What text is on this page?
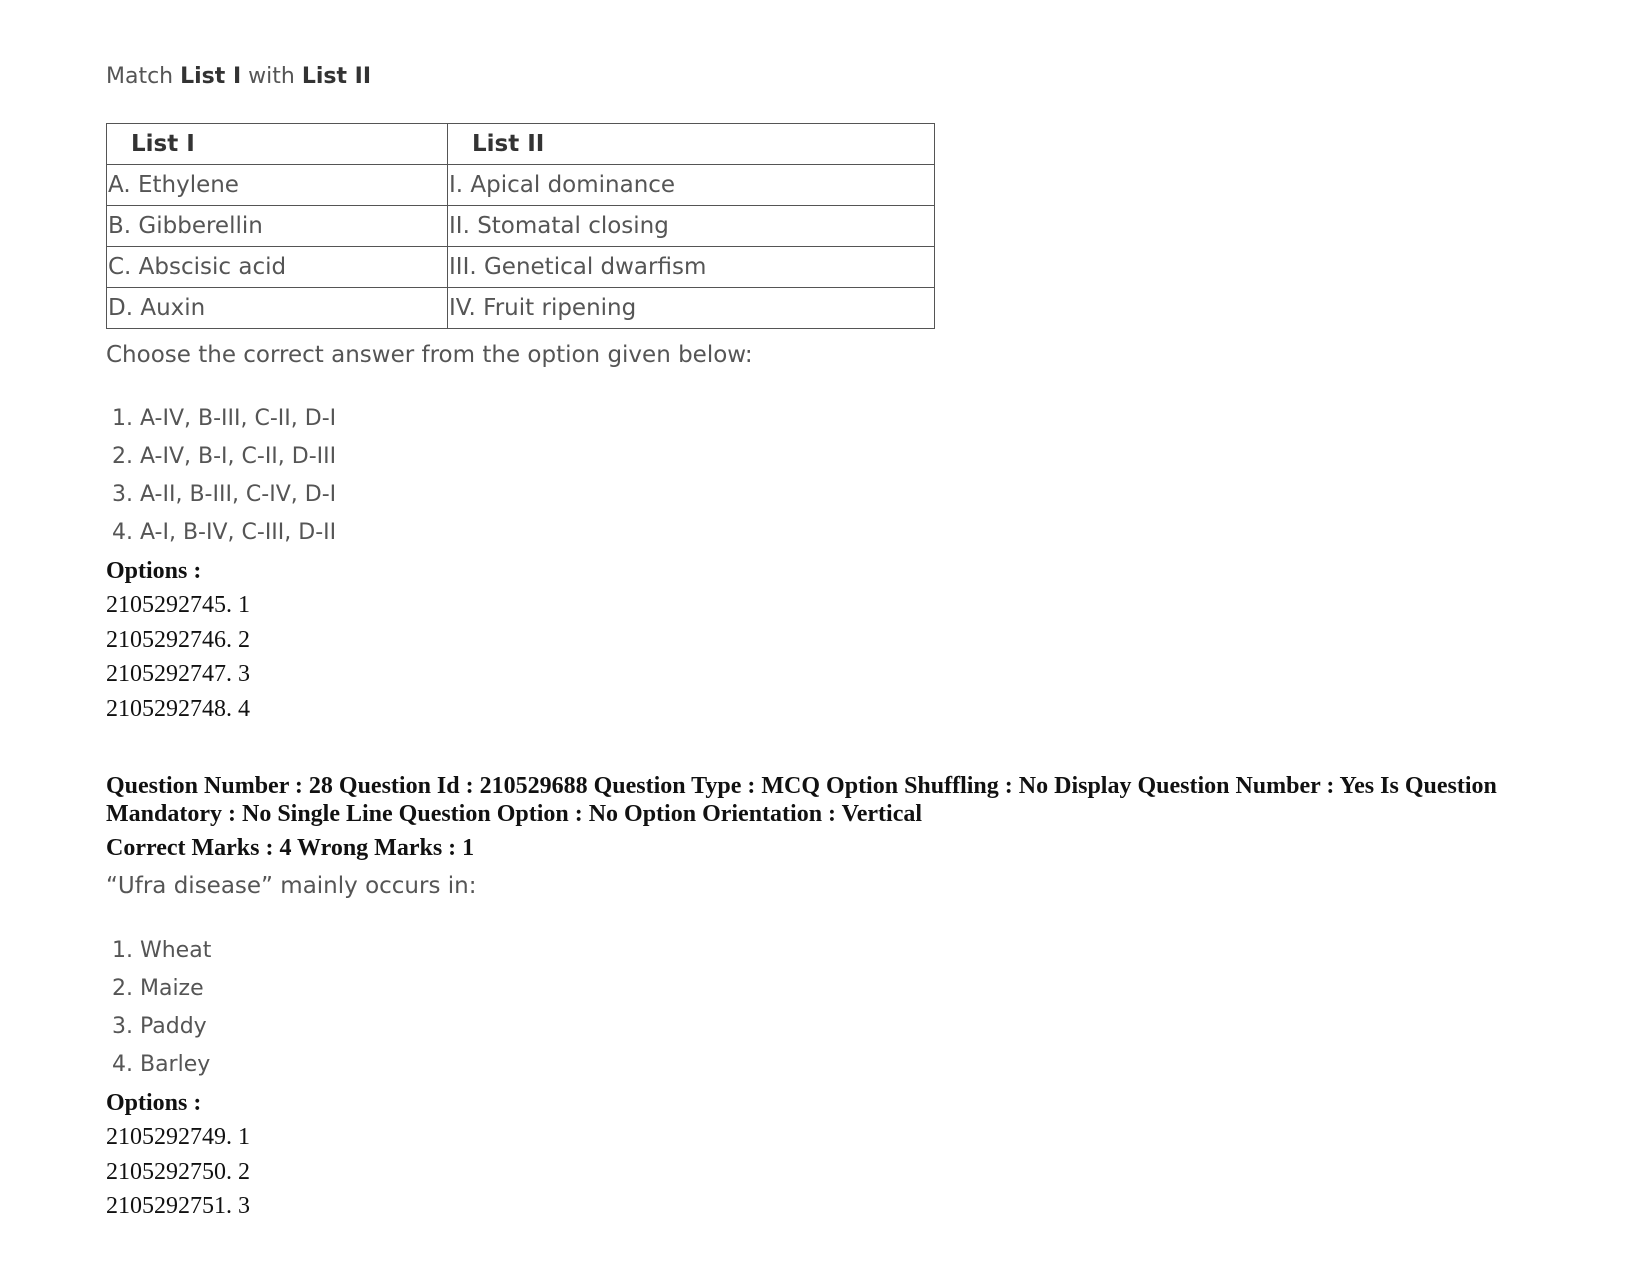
Match List I with List II
List I	List II
A. Ethylene	I. Apical dominance
B. Gibberellin	II. Stomatal closing
C. Abscisic acid	III. Genetical dwarfism
D. Auxin	IV. Fruit ripening
Choose the correct answer from the option given below:
1. A-IV, B-III, C-II, D-I
2. A-IV, B-I, C-II, D-III
3. A-II, B-III, C-IV, D-I
4. A-I, B-IV, C-III, D-II
Options :
2105292745. 1
2105292746. 2
2105292747. 3
2105292748. 4
Question Number : 28 Question Id : 210529688 Question Type : MCQ Option Shuffling : No Display Question Number : Yes Is Question Mandatory : No Single Line Question Option : No Option Orientation : Vertical
Correct Marks : 4 Wrong Marks : 1
“Ufra disease” mainly occurs in:
1. Wheat
2. Maize
3. Paddy
4. Barley
Options :
2105292749. 1
2105292750. 2
2105292751. 3
